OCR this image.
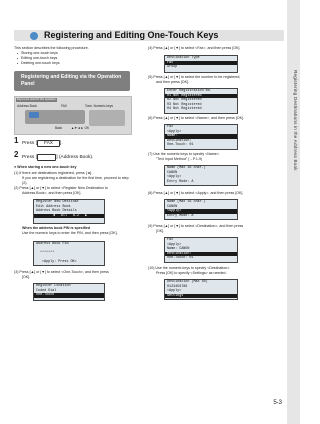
Registering Destinations in the Address Book
Registering and Editing One-Touch Keys
This section describes the following procedure.
Storing one-touch keys
Editing one-touch keys
Deleting one-touch keys
Registering and Editing via the Operation Panel
Keys to be used for this operation
Address Book	FAX	Tone, Numeric keys
Back	▲▼◄► OK
1 Press [ FAX ].
2 Press [	] (Address Book).
● When storing a new one-touch key
(1) If there are destinations registered, press [◄].
If you are registering a destination for the first time, proceed to step (2).
(2) Press [▲] or [▼] to select <Register New Destination to
Address Book>, and then press [OK].
Register New Destinat
Edit Address Book
Address Book Details
◄ All A-Z ▶
When the address book PIN is specified
Use the numeric keys to enter the PIN, and then press [OK].
Address Book PIN

*******

<Apply: Press OK>
(3) Press [▲] or [▼] to select <One-Touch>, and then press
[OK].
Register Location
Coded Dial
One-Touch
(4) Press [▲] or [▼] to select <Fax>, and then press [OK].
Destination Type
Fax
Group
(5) Press [▲] or [▼] to select the number to be registered,
and then press [OK].
Enter Registration No.
01 Not Registered
02 Not Registered
03 Not Registered
04 Not Registered
(6) Press [▲] or [▼] to select <Name>, and then press [OK].
Fax
<Apply>
Name:
Destination:
One-Touch: 01
(7) Use the numeric keys to specify <Name>.
"Text Input Method" (→P.1-9)
Name (Max 16 char.)
CANON
<Apply>
Entry Mode: A
(8) Press [▲] or [▼] to select <Apply>, and then press [OK].
Name (Max 16 char.)
CANON
<Apply>
Entry Mode: A
(9) Press [▲] or [▼] to select <Destination>, and then press
[OK].
Fax
<Apply>
Name: CANON
Destination:
One-Touch: 01
(10) Use the numeric keys to specify <Destination>.
Press [OK] to specify <Settings> as needed.
Destination (Max 40)
0123456789
<Apply>
Settings
5-3
